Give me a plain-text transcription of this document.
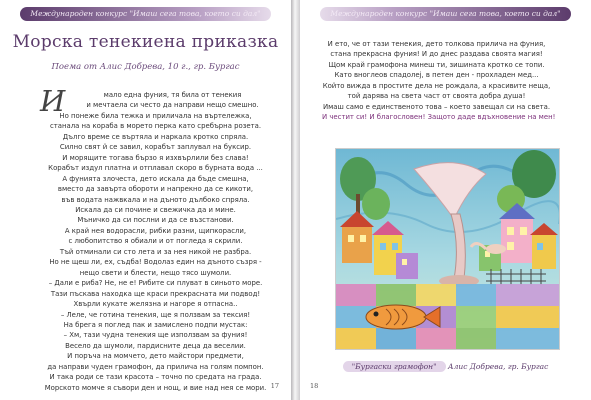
Международен конкурс "Имаш сега това, което си дал"
Морска тенекиена приказка
Поема от Алис Добрева, 10 г., гр. Бургас
И	мало една фуния, тя била от тенекия
и мечтаела си често да направи нещо смешно.
Но понеже била тежка и приличала на въртележка,
станала на кораба в морето перка като сребърна розета.
Дълго време се въртяла и наркала кротко спряла.
Силно свят й се завил, корабът заплувал на буксир.
И морящите тогава бързо я изхвърлили без слава!
Корабът издул платна и отплавал скоро в бурната вода ...
А фунията злочеста, дето искала да бъде смешна,
вместо да завърта обороти и напрекно да се кикоти,
във водата нажвкала и на дъното дълбоко спряла.
Искала да си почине и свежичка да и мине.
Мъничко да си послни и да се възстанови.
А край нея водорасли, рибки разни, щипкорасли,
с любопитство я обиали и от погледа я скрили.
Тъй отминали си сто лета и за нея никой не разбра.
Но не щеш ли, ех, съдба! Водолаз един на дъното съзря -
нещо свети и блести, нещо тясо шумоли.
– Дали е риба? Не, не е! Рибите си плуват в синьото море.
Тази пъскава находка ще краси прекрасната ми подвод!
Хвърли кукате желязна и нагоре я отпасна..
– Леле, че готина тенекия, ще я ползвам за тексия!
На брега я поглед пак и замислено подпи мустак:
– Хм, тази чудна тенекия ще използвам за фуния!
Весело да шумоли, пардисните деца да веселии.
И поръча на момчето, дето майстори предмети,
да направи чуден грамофон, да прилича на голям помпон.
И така роди се тази красота – точно по средата на града.
Морското момче я съвори ден и нощ, и вие над нея се мори. 17
Международен конкурс "Имаш сега това, което си дал"
И ето, че от тази тенекия, дето толкова прилича на фуния,
стана прекрасна фуния! И до днес раздава своята магия!
Щом край грамофона минеш ти, зишината кротко се топи.
Като вноглеов спадолеј, в петен ден - прохладен мед...
Който вижда в простите дела не рождала, а красивите неща,
той дарява на света част от своята добра душа!
Имаш само е единственото това – което завещал си на света.
И честит си! И благословен! Защото даде вдъхновение на мен!
"Бургаски грамофон" Алис Добрева, гр. Бургас
18
